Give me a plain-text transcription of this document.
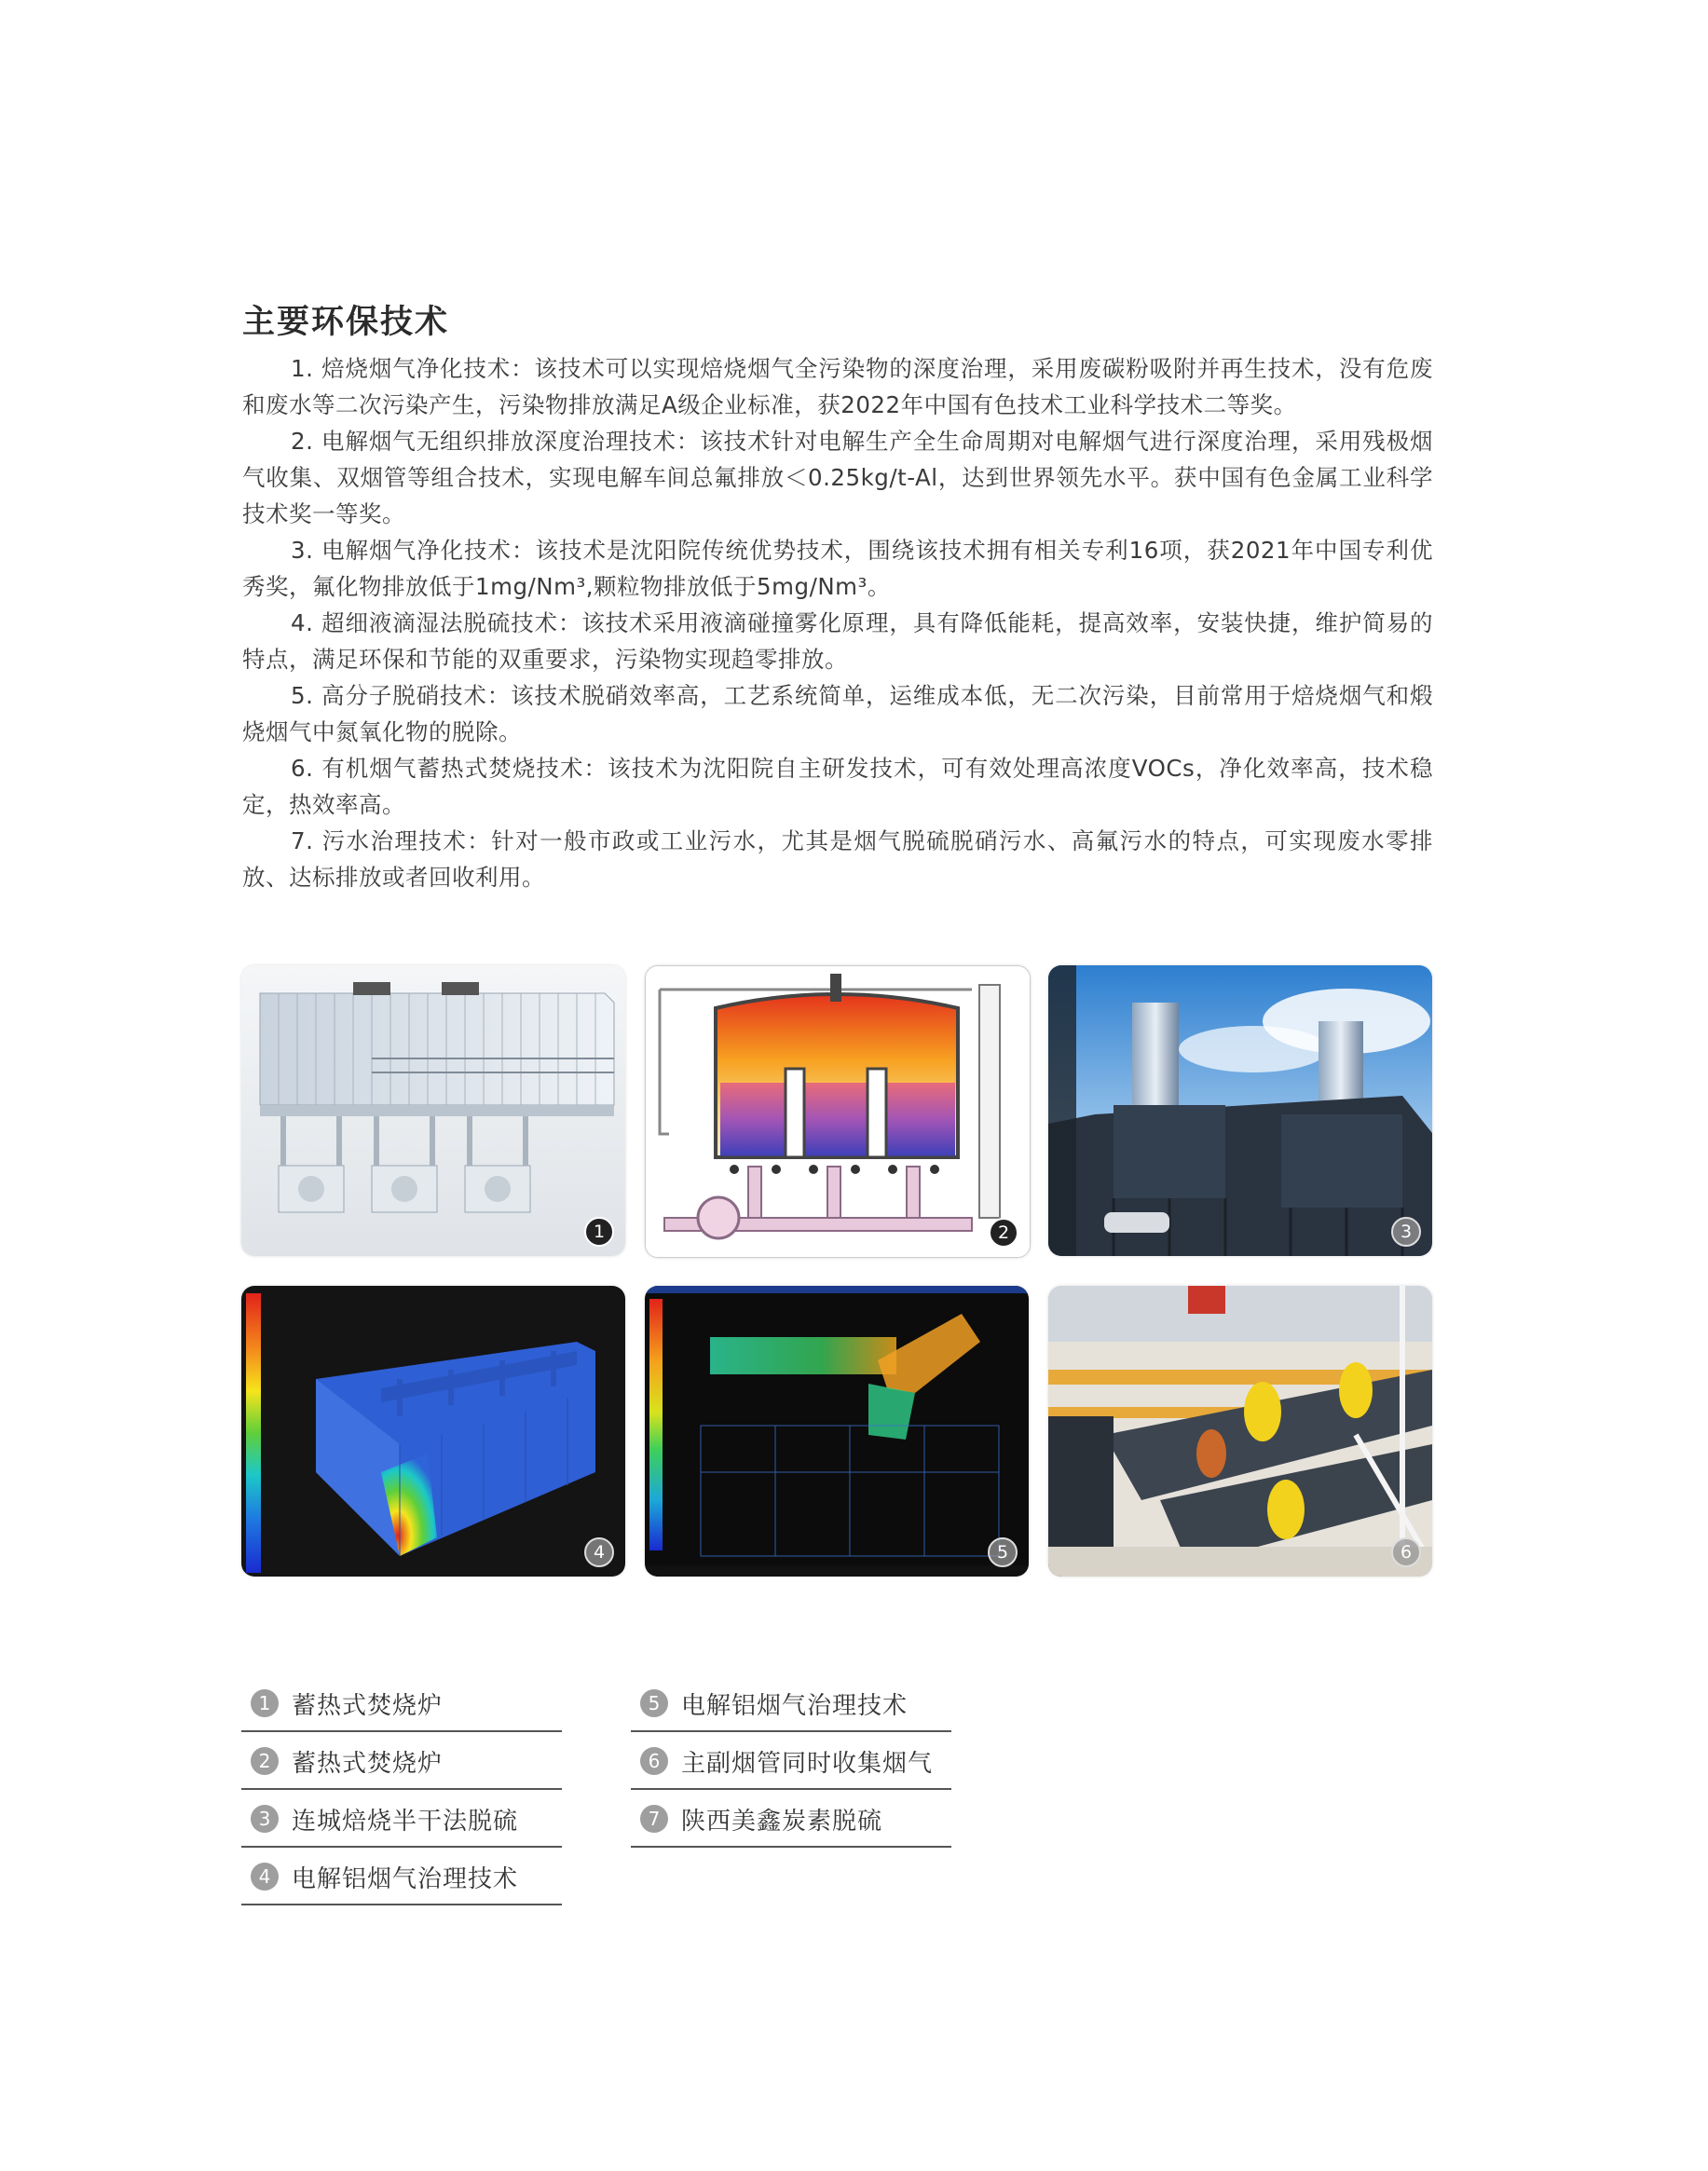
主要环保技术

1. 焙烧烟气净化技术：该技术可以实现焙烧烟气全污染物的深度治理，采用废碳粉吸附并再生技术，没有危废和废水等二次污染产生，污染物排放满足A级企业标准，获2022年中国有色技术工业科学技术二等奖。

2. 电解烟气无组织排放深度治理技术：该技术针对电解生产全生命周期对电解烟气进行深度治理，采用残极烟气收集、双烟管等组合技术，实现电解车间总氟排放＜0.25kg/t-Al，达到世界领先水平。获中国有色金属工业科学技术奖一等奖。

3. 电解烟气净化技术：该技术是沈阳院传统优势技术，围绕该技术拥有相关专利16项，获2021年中国专利优秀奖，氟化物排放低于1mg/Nm³,颗粒物排放低于5mg/Nm³。

4. 超细液滴湿法脱硫技术：该技术采用液滴碰撞雾化原理，具有降低能耗，提高效率，安装快捷，维护简易的特点，满足环保和节能的双重要求，污染物实现趋零排放。

5. 高分子脱硝技术：该技术脱硝效率高，工艺系统简单，运维成本低，无二次污染，目前常用于焙烧烟气和煅烧烟气中氮氧化物的脱除。

6. 有机烟气蓄热式焚烧技术：该技术为沈阳院自主研发技术，可有效处理高浓度VOCs，净化效率高，技术稳定，热效率高。

7. 污水治理技术：针对一般市政或工业污水，尤其是烟气脱硫脱硝污水、高氟污水的特点，可实现废水零排放、达标排放或者回收利用。

1	2	3
4	5	6
1 蓄热式焚烧炉
2 蓄热式焚烧炉
3 连城焙烧半干法脱硫
4 电解铝烟气治理技术
5 电解铝烟气治理技术
6 主副烟管同时收集烟气
7 陕西美鑫炭素脱硫
